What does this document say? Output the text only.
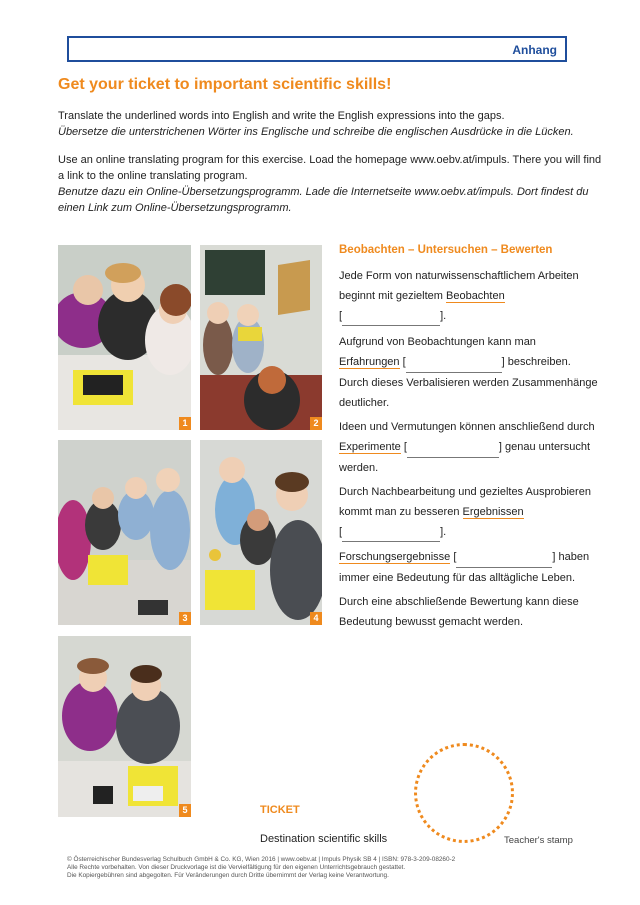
Anhang
Get your ticket to important scientific skills!
Translate the underlined words into English and write the English expressions into the gaps.
Übersetze die unterstrichenen Wörter ins Englische und schreibe die englischen Ausdrücke in die Lücken.
Use an online translating program for this exercise. Load the homepage www.oebv.at/impuls. There you will find a link to the online translating program.
Benutze dazu ein Online-Übersetzungsprogramm. Lade die Internetseite www.oebv.at/impuls. Dort findest du einen Link zum Online-Übersetzungsprogramm.
1	2
3	4
5
Beobachten – Untersuchen – Bewerten
Jede Form von naturwissenschaftlichem Arbeiten beginnt mit gezieltem Beobachten
[	].
Aufgrund von Beobachtungen kann man
Erfahrungen [	] beschreiben. Durch dieses Verbalisieren werden Zusammenhänge deutlicher.
Ideen und Vermutungen können anschließend durch Experimente [	] genau untersucht werden.
Durch Nachbearbeitung und gezieltes Ausprobieren kommt man zu besseren Ergebnissen
[	].
Forschungsergebnisse [	] haben immer eine Bedeutung für das alltägliche Leben.
Durch eine abschließende Bewertung kann diese Bedeutung bewusst gemacht werden.
TICKET
Destination scientific skills	Teacher's stamp
© Österreichischer Bundesverlag Schulbuch GmbH & Co. KG, Wien 2016 | www.oebv.at | Impuls Physik SB 4 | ISBN: 978-3-209-08260-2
Alle Rechte vorbehalten. Von dieser Druckvorlage ist die Vervielfältigung für den eigenen Unterrichtsgebrauch gestattet.
Die Kopiergebühren sind abgegolten. Für Veränderungen durch Dritte übernimmt der Verlag keine Verantwortung.
